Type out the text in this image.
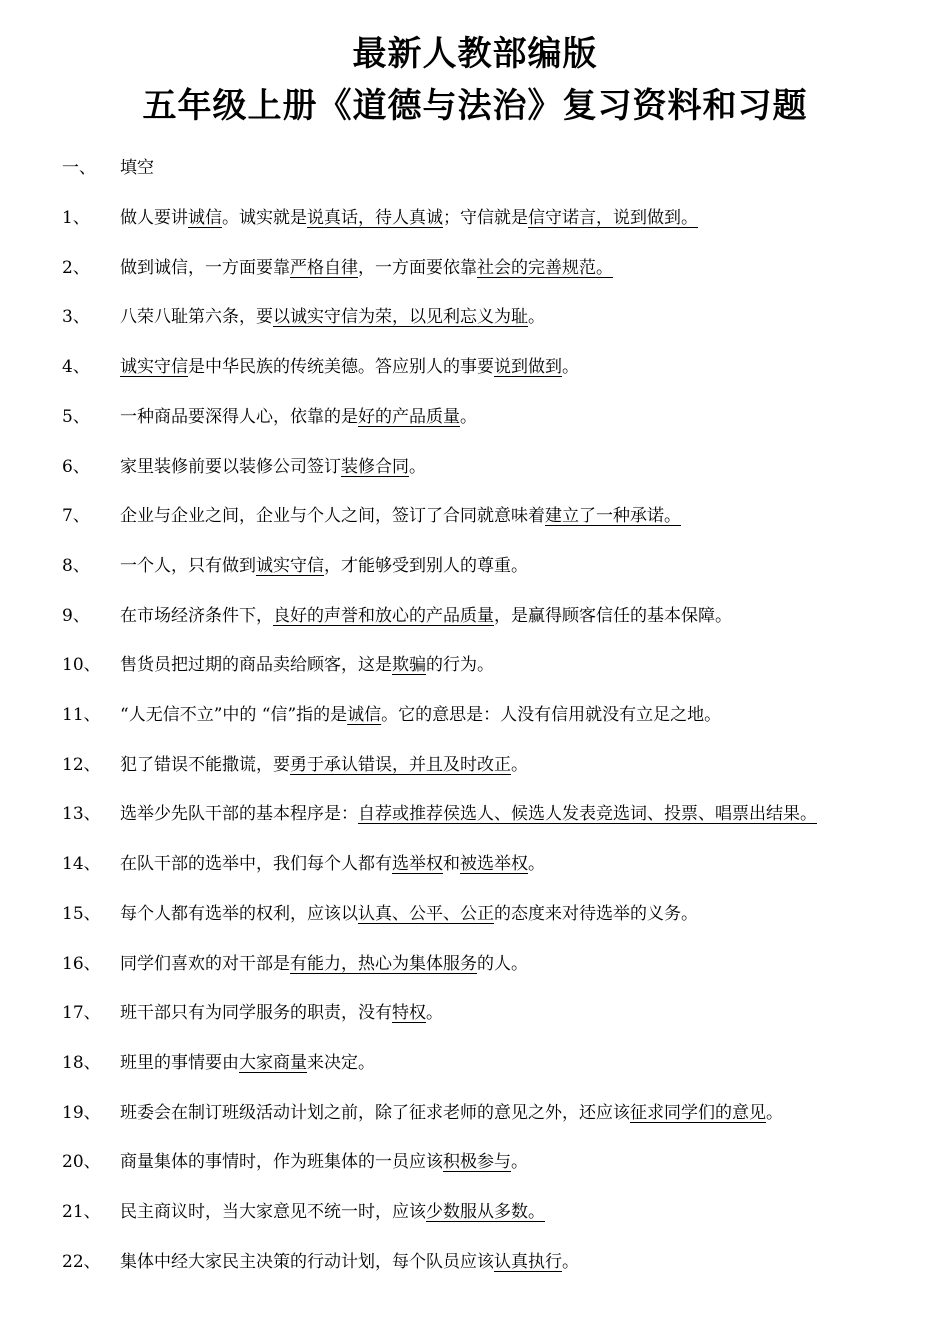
最新人教部编版
五年级上册《道德与法治》复习资料和习题
一、 填空
1、 做人要讲诚信。诚实就是说真话，待人真诚；守信就是信守诺言，说到做到。
2、 做到诚信，一方面要靠严格自律，一方面要依靠社会的完善规范。
3、 八荣八耻第六条，要以诚实守信为荣，以见利忘义为耻。
4、 诚实守信是中华民族的传统美德。答应别人的事要说到做到。
5、 一种商品要深得人心，依靠的是好的产品质量。
6、 家里装修前要以装修公司签订装修合同。
7、 企业与企业之间，企业与个人之间，签订了合同就意味着建立了一种承诺。
8、 一个人，只有做到诚实守信，才能够受到别人的尊重。
9、 在市场经济条件下，良好的声誉和放心的产品质量，是赢得顾客信任的基本保障。
10、 售货员把过期的商品卖给顾客，这是欺骗的行为。
11、 “人无信不立”中的 “信”指的是诚信。它的意思是：人没有信用就没有立足之地。
12、 犯了错误不能撒谎，要勇于承认错误，并且及时改正。
13、 选举少先队干部的基本程序是：自荐或推荐侯选人、候选人发表竞选词、投票、唱票出结果。
14、 在队干部的选举中，我们每个人都有选举权和被选举权。
15、 每个人都有选举的权利，应该以认真、公平、公正的态度来对待选举的义务。
16、 同学们喜欢的对干部是有能力，热心为集体服务的人。
17、 班干部只有为同学服务的职责，没有特权。
18、 班里的事情要由大家商量来决定。
19、 班委会在制订班级活动计划之前，除了征求老师的意见之外，还应该征求同学们的意见。
20、 商量集体的事情时，作为班集体的一员应该积极参与。
21、 民主商议时，当大家意见不统一时，应该少数服从多数。
22、 集体中经大家民主决策的行动计划，每个队员应该认真执行。
